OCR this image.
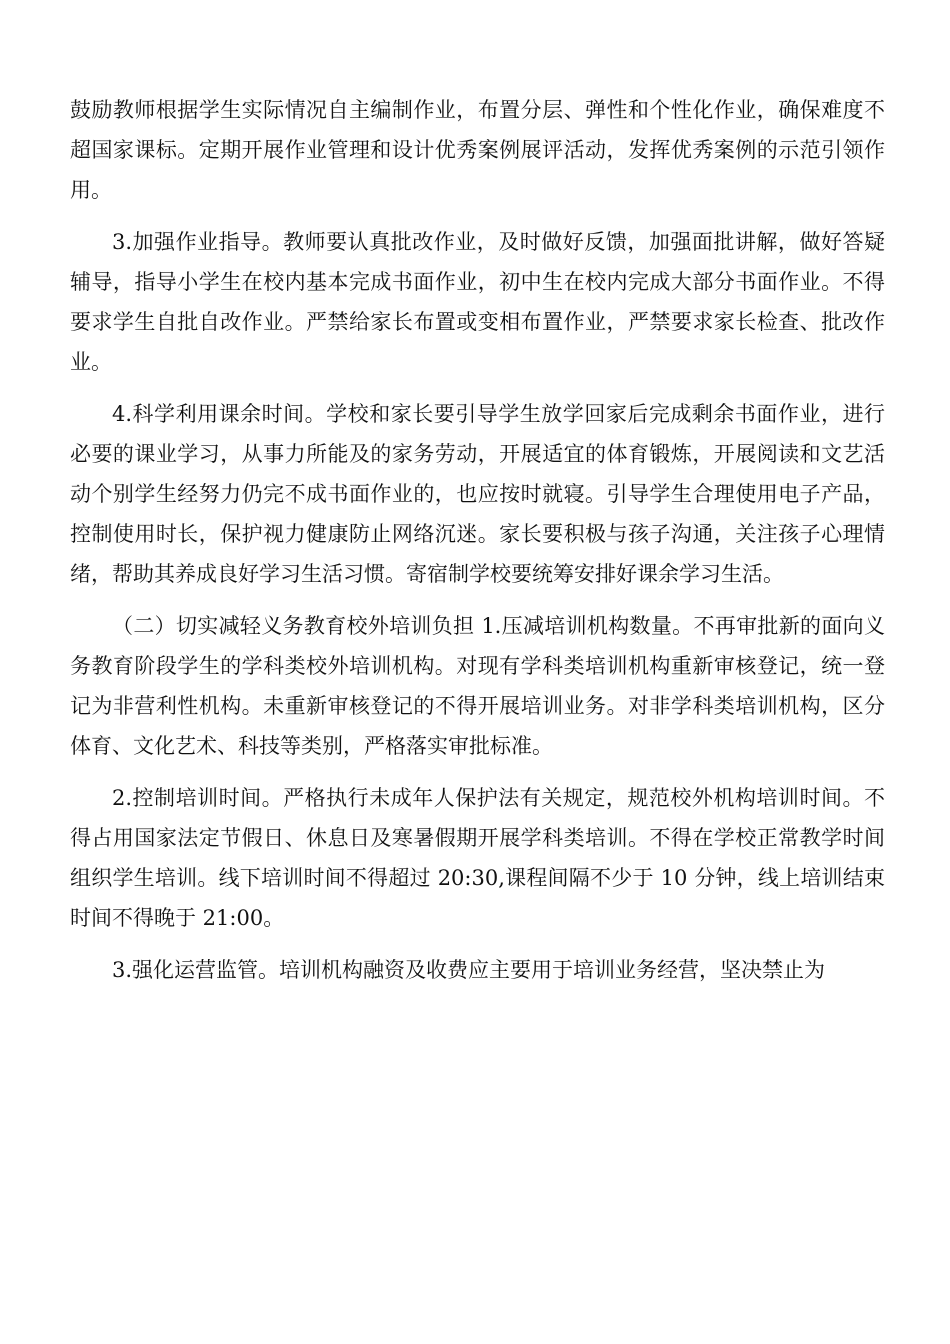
鼓励教师根据学生实际情况自主编制作业，布置分层、弹性和个性化作业，确保难度不超国家课标。定期开展作业管理和设计优秀案例展评活动，发挥优秀案例的示范引领作用。

3.加强作业指导。教师要认真批改作业，及时做好反馈，加强面批讲解，做好答疑辅导，指导小学生在校内基本完成书面作业，初中生在校内完成大部分书面作业。不得要求学生自批自改作业。严禁给家长布置或变相布置作业，严禁要求家长检查、批改作业。

4.科学利用课余时间。学校和家长要引导学生放学回家后完成剩余书面作业，进行必要的课业学习，从事力所能及的家务劳动，开展适宜的体育锻炼，开展阅读和文艺活动个别学生经努力仍完不成书面作业的，也应按时就寝。引导学生合理使用电子产品，控制使用时长，保护视力健康防止网络沉迷。家长要积极与孩子沟通，关注孩子心理情绪，帮助其养成良好学习生活习惯。寄宿制学校要统筹安排好课余学习生活。

（二）切实减轻义务教育校外培训负担 1.压减培训机构数量。不再审批新的面向义务教育阶段学生的学科类校外培训机构。对现有学科类培训机构重新审核登记，统一登记为非营利性机构。未重新审核登记的不得开展培训业务。对非学科类培训机构，区分体育、文化艺术、科技等类别，严格落实审批标准。

2.控制培训时间。严格执行未成年人保护法有关规定，规范校外机构培训时间。不得占用国家法定节假日、休息日及寒暑假期开展学科类培训。不得在学校正常教学时间组织学生培训。线下培训时间不得超过 20:30,课程间隔不少于 10 分钟，线上培训结束时间不得晚于 21:00。

3.强化运营监管。培训机构融资及收费应主要用于培训业务经营，坚决禁止为
